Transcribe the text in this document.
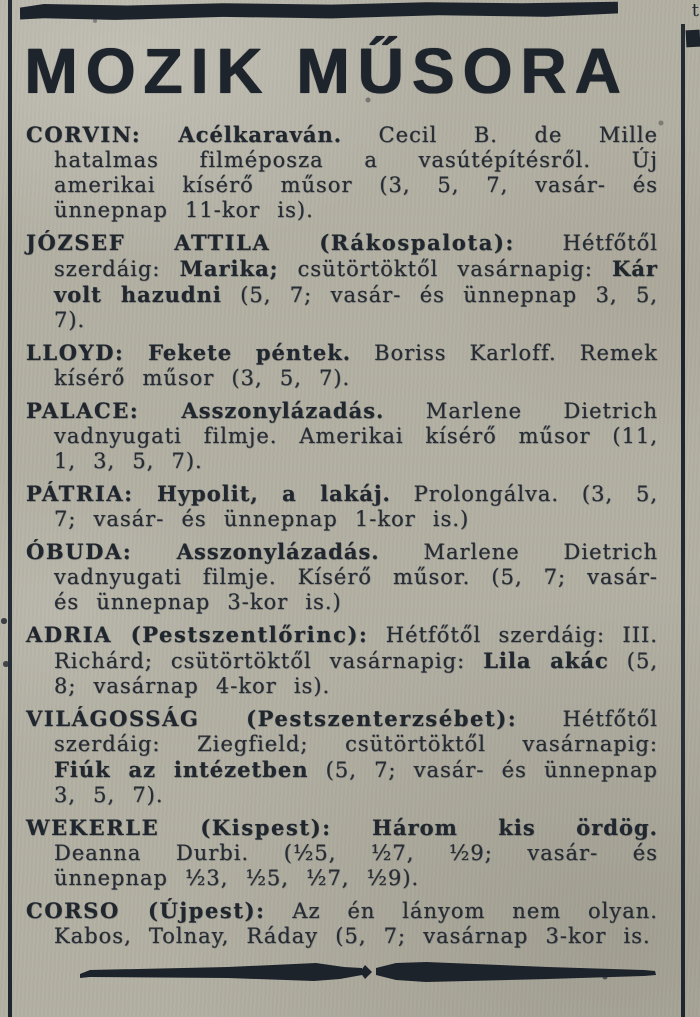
t
MOZIK MŰSORA

CORVIN: Acélkaraván. Cecil B. de Mille hatalmas filméposza a vasútépítésről. Új amerikai kísérő műsor (3, 5, 7, vasár- és ünnepnap 11-kor is).

JÓZSEF ATTILA (Rákospalota): Hétfőtől szerdáig: Marika; csütörtöktől vasárnapig: Kár volt hazudni (5, 7; vasár- és ünnepnap 3, 5, 7).

LLOYD: Fekete péntek. Boriss Karloff. Remek kísérő műsor (3, 5, 7).

PALACE: Asszonylázadás. Marlene Dietrich vadnyugati filmje. Amerikai kísérő műsor (11, 1, 3, 5, 7).

PÁTRIA: Hypolit, a lakáj. Prolongálva. (3, 5, 7; vasár- és ünnepnap 1-kor is.)

ÓBUDA: Asszonylázadás. Marlene Dietrich vadnyugati filmje. Kísérő műsor. (5, 7; vasár- és ünnepnap 3-kor is.)

ADRIA (Pestszentlőrinc): Hétfőtől szerdáig: III. Richárd; csütörtöktől vasárnapig: Lila akác (5, 8; vasárnap 4-kor is).

VILÁGOSSÁG (Pestszenterzsébet): Hétfőtől szerdáig: Ziegfield; csütörtöktől vasárnapig: Fiúk az intézetben (5, 7; vasár- és ünnepnap 3, 5, 7).

WEKERLE (Kispest): Három kis ördög. Deanna Durbi. (½5, ½7, ½9; vasár- és ünnepnap ½3, ½5, ½7, ½9).

CORSO (Újpest): Az én lányom nem olyan. Kabos, Tolnay, Ráday (5, 7; vasárnap 3-kor is.
